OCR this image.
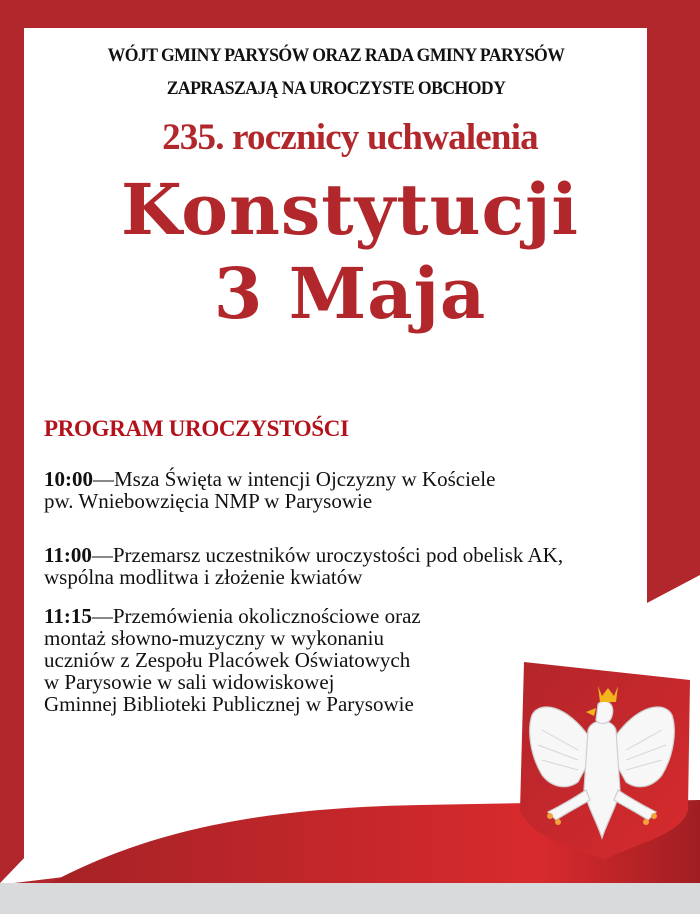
WÓJT GMINY PARYSÓW ORAZ RADA GMINY PARYSÓW
ZAPRASZAJĄ NA UROCZYSTE OBCHODY
235. rocznicy uchwalenia
Konstytucji
3 Maja
PROGRAM UROCZYSTOŚCI
10:00—Msza Święta w intencji Ojczyzny w Kościele
pw. Wniebowzięcia NMP w Parysowie
11:00—Przemarsz uczestników uroczystości pod obelisk AK,
wspólna modlitwa i złożenie kwiatów
11:15—Przemówienia okolicznościowe oraz
montaż słowno-muzyczny w wykonaniu
uczniów z Zespołu Placówek Oświatowych
w Parysowie w sali widowiskowej
Gminnej Biblioteki Publicznej w Parysowie
